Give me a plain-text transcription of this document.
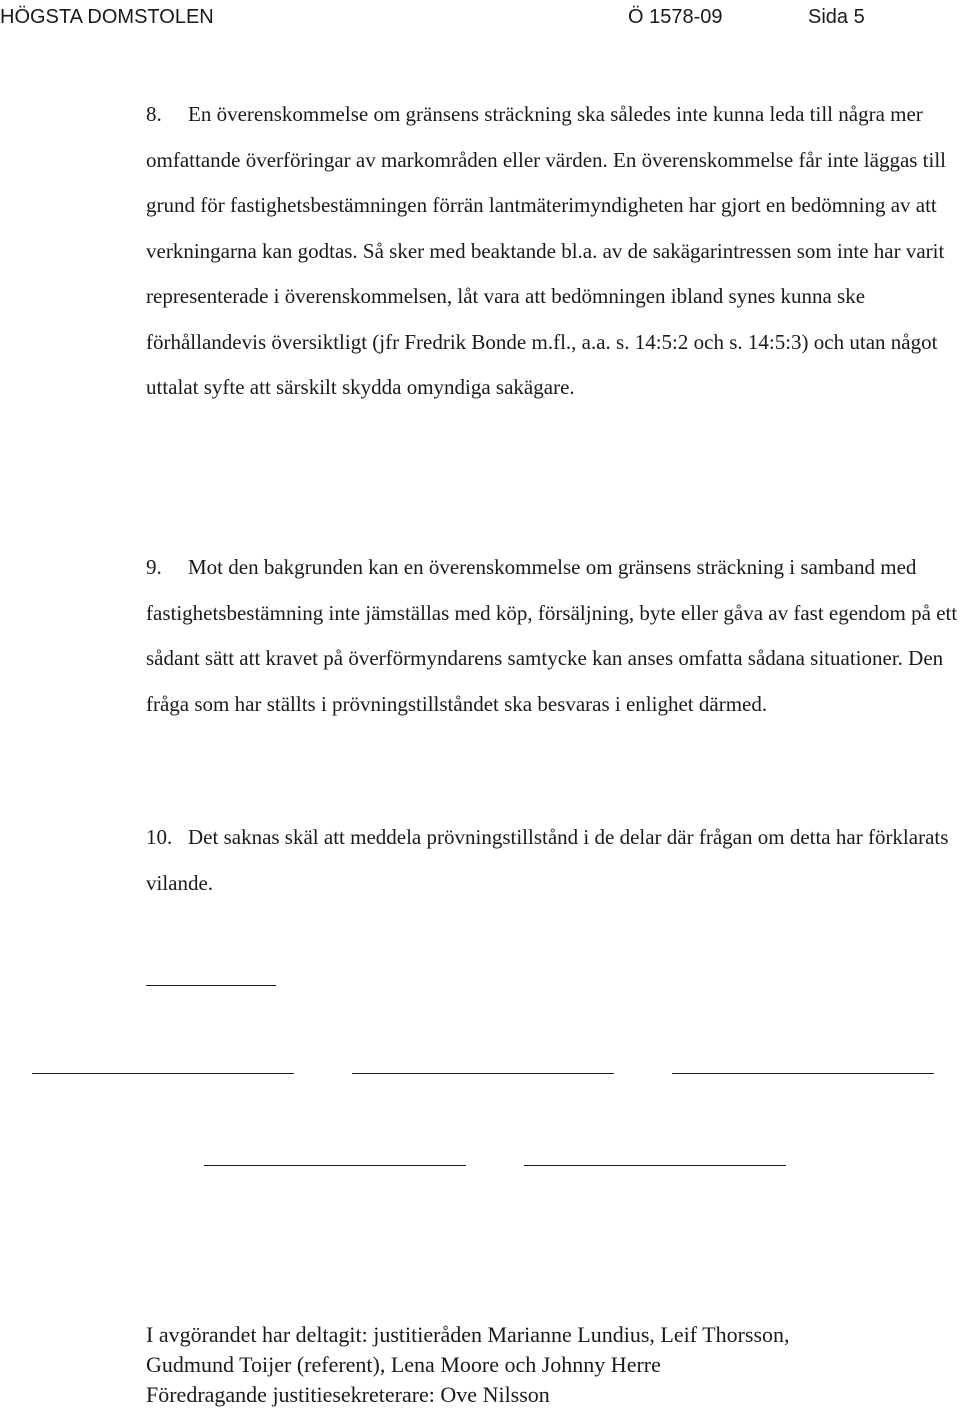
HÖGSTA DOMSTOLEN	Ö 1578-09	Sida 5

8. En överenskommelse om gränsens sträckning ska således inte kunna leda till några mer omfattande överföringar av markområden eller värden. En överenskommelse får inte läggas till grund för fastighetsbestämningen förrän lantmäterimyndigheten har gjort en bedömning av att verkningarna kan godtas. Så sker med beaktande bl.a. av de sakägarintressen som inte har varit representerade i överenskommelsen, låt vara att bedömningen ibland synes kunna ske förhållandevis översiktligt (jfr Fredrik Bonde m.fl., a.a. s. 14:5:2 och s. 14:5:3) och utan något uttalat syfte att särskilt skydda omyndiga sakägare.

9. Mot den bakgrunden kan en överenskommelse om gränsens sträckning i samband med fastighetsbestämning inte jämställas med köp, försäljning, byte eller gåva av fast egendom på ett sådant sätt att kravet på överförmyndarens samtycke kan anses omfatta sådana situationer. Den fråga som har ställts i prövningstillståndet ska besvaras i enlighet därmed.

10. Det saknas skäl att meddela prövningstillstånd i de delar där frågan om detta har förklarats vilande.

I avgörandet har deltagit: justitieråden Marianne Lundius, Leif Thorsson,
Gudmund Toijer (referent), Lena Moore och Johnny Herre
Föredragande justitiesekreterare: Ove Nilsson
